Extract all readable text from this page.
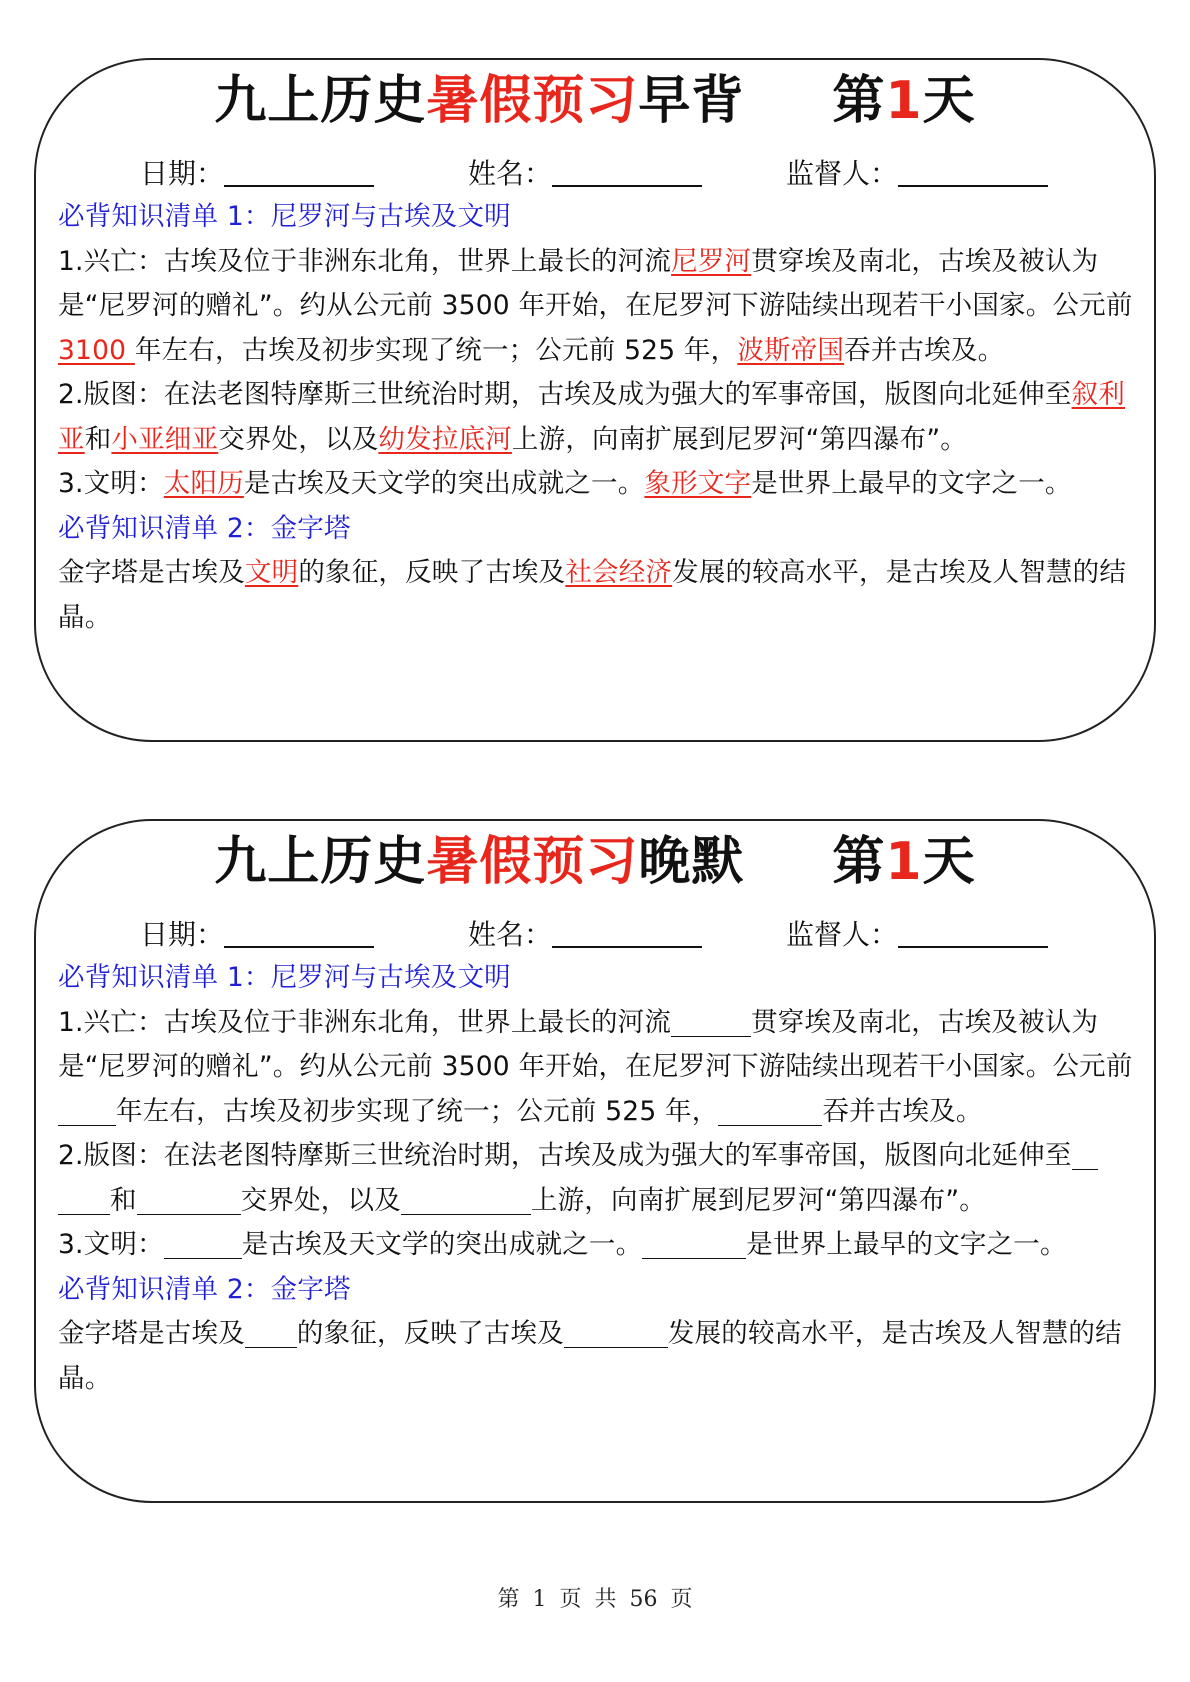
九上历史暑假预习早背 第1天
日期：	姓名：	监督人：

必背知识清单 1：尼罗河与古埃及文明

1.兴亡：古埃及位于非洲东北角，世界上最长的河流尼罗河贯穿埃及南北，古埃及被认为是“尼罗河的赠礼”。约从公元前 3500 年开始，在尼罗河下游陆续出现若干小国家。公元前 3100 年左右，古埃及初步实现了统一；公元前 525 年，波斯帝国吞并古埃及。

2.版图：在法老图特摩斯三世统治时期，古埃及成为强大的军事帝国，版图向北延伸至叙利亚和小亚细亚交界处，以及幼发拉底河上游，向南扩展到尼罗河“第四瀑布”。

3.文明：太阳历是古埃及天文学的突出成就之一。象形文字是世界上最早的文字之一。

必背知识清单 2：金字塔

金字塔是古埃及文明的象征，反映了古埃及社会经济发展的较高水平，是古埃及人智慧的结晶。

九上历史暑假预习晚默 第1天
日期：	姓名：	监督人：

必背知识清单 1：尼罗河与古埃及文明

1.兴亡：古埃及位于非洲东北角，世界上最长的河流	贯穿埃及南北，古埃及被认为是“尼罗河的赠礼”。约从公元前 3500 年开始，在尼罗河下游陆续出现若干小国家。公元前 年左右，古埃及初步实现了统一；公元前 525 年，	吞并古埃及。

2.版图：在法老图特摩斯三世统治时期，古埃及成为强大的军事帝国，版图向北延伸至和	交界处，以及	上游，向南扩展到尼罗河“第四瀑布”。

3.文明：	是古埃及天文学的突出成就之一。	是世界上最早的文字之一。

必背知识清单 2：金字塔

金字塔是古埃及 的象征，反映了古埃及	发展的较高水平，是古埃及人智慧的结晶。

第 1 页 共 56 页
